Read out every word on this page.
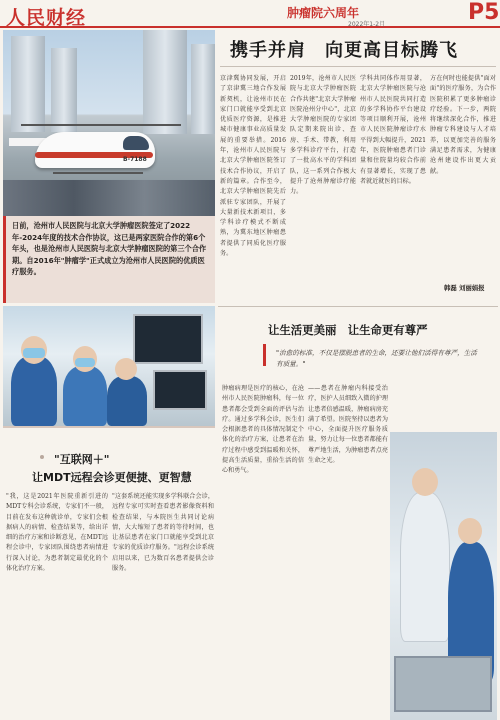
人民财经	肿瘤院六周年
2022年1-2月	P5
B-7188
日前，沧州市人民医院与北京大学肿瘤医院签定了2022年-2024年度的技术合作协议，这已是两家医院合作的第6个年头，也是沧州市人民医院与北京大学肿瘤医院的第三个合作期。自2016年"肿瘤学"正式成立为沧州市人民医院的优质医疗服务。
携手并肩　向更高目标腾飞
京津冀协同发展，开启了京津冀三地合作发展新契机，让沧州市民在家门口就能享受到北京优质医疗资源，是推进城市健康事业高质量发展的重要举措。2016年，沧州市人民医院与北京大学肿瘤医院签订技术合作协议，开启了新的篇章。合作至今，北京大学肿瘤医院先后派驻专家团队，开展了大量新技术新项目，多学科诊疗模式不断成熟，为冀东地区肿瘤患者提供了同质化医疗服务。
2019年，沧州市人民医院与北京大学肿瘤医院合作共建"北京大学肿瘤医院沧州分中心"，北京大学肿瘤医院的专家团队定期来院出诊、查房、手术、带教，利用多学科诊疗平台，打造了一批高水平的学科团队，这一系列合作极大提升了沧州肿瘤诊疗能力。
学科共同体作用显著，北京大学肿瘤医院与沧州市人民医院共同打造的多学科协作平台建设等项目顺利开展，沧州市人民医院肿瘤诊疗水平得到大幅提升，2021年，医院肿瘤患者门诊量和住院量均较合作前有显著增长，实现了患者就近就医的目标。
方在何时也能提供"面对面"的医疗服务，为合作医院积累了更多肿瘤诊疗经验。下一步，两院将继续深化合作，推进肿瘤专科建设与人才培养，以更加完善的服务满足患者需求，为健康沧州建设作出更大贡献。
韩磊 刘丽娟报
"互联网＋"
让MDT远程会诊更便捷、更智慧
"我，这是2021年医院重新引进的MDT专科会诊系统，专家们不一般，目前在发布这种就诊单，专家们会根据病人的病情、检查结果等，给出详细的治疗方案和诊断意见，在MDT远程会诊中，专家团队围绕患者病情进行深入讨论，为患者制定最优化的个体化治疗方案。
"这套系统还能实现多学科联合会诊，远程专家可实时查看患者影像资料和检查结果，与本院医生共同讨论病情，大大缩短了患者的等待时间，也让基层患者在家门口就能享受到北京专家的优质诊疗服务。"远程会诊系统启用以来，已为数百名患者提供会诊服务。
让生活更美丽　让生命更有尊严
"治愈的标准，不仅是摆脱患者的生命，还要让他们活得有尊严，生活有质量。"
肿瘤病理是医疗的核心，在沧州市人民医院肿瘤科，每一位患者都会受到全面的评估与治疗。通过多学科会诊，医生们会根据患者的具体情况制定个体化的治疗方案，让患者在治疗过程中感受到温暖和关怀，提高生活质量，重拾生活的信心和勇气。
——患者在肿瘤内科接受治疗，医护人员细致入微的护理让患者倍感温暖，肿瘤病房充满了希望。医院坚持以患者为中心，全面提升医疗服务质量，努力让每一位患者都能有尊严地生活，为肿瘤患者点亮生命之光。
